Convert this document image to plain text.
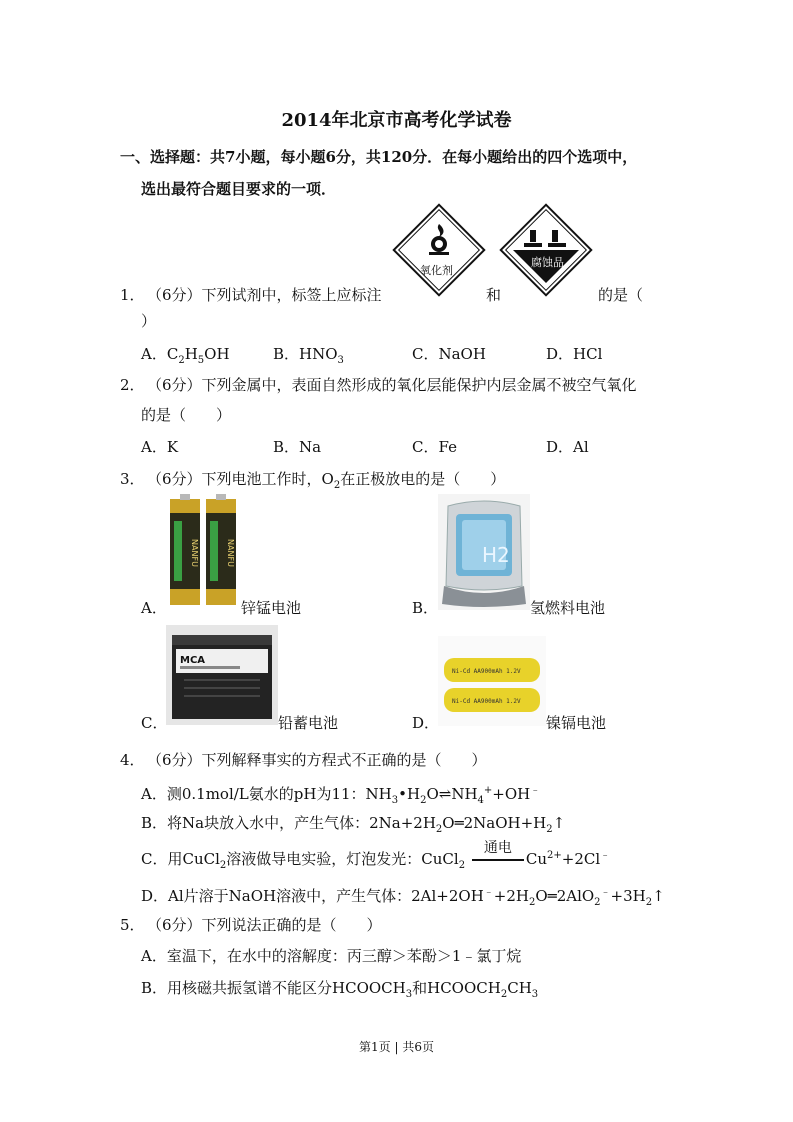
2014年北京市高考化学试卷
一、选择题：共7小题，每小题6分，共120分．在每小题给出的四个选项中，
选出最符合题目要求的一项．
1． （6分）下列试剂中，标签上应标注
氧化剂
和
腐蚀品
的是（
）
A．$C_2H_5OH$	B．$HNO_3$	C．NaOH	D．HCl
2． （6分）下列金属中，表面自然形成的氧化层能保护内层金属不被空气氧化
的是（　　）
A．K	B．Na	C．Fe	D．Al
3． （6分）下列电池工作时，$O_2$在正极放电的是（　　）
NANFU	NANFU
A．	锌锰电池
H2
B．	氢燃料电池
MCA
C．	铅蓄电池
Ni-Cd AA900mAh 1.2V
Ni-Cd AA900mAh 1.2V
D．	镍镉电池
4． （6分）下列解释事实的方程式不正确的是（　　）
A．测0.1mol/L氨水的pH为11：$NH_3•H_2O\rightleftharpoons NH_4^++OH^﹣$
B．将Na块放入水中，产生气体：$2Na+2H_2O═2NaOH+H_2↑$
C．用CuCl$_2$溶液做导电实验，灯泡发光：CuCl$_2$
通电
$Cu^{2+}+2Cl^﹣$
D．Al片溶于NaOH溶液中，产生气体：$2Al+2OH^﹣+2H_2O═2AlO_2^﹣+3H_2↑$
5． （6分）下列说法正确的是（　　）
A．室温下，在水中的溶解度：丙三醇＞苯酚＞1﹣氯丁烷
B．用核磁共振氢谱不能区分$HCOOCH_3$和$HCOOCH_2CH_3$
第1页 | 共6页
